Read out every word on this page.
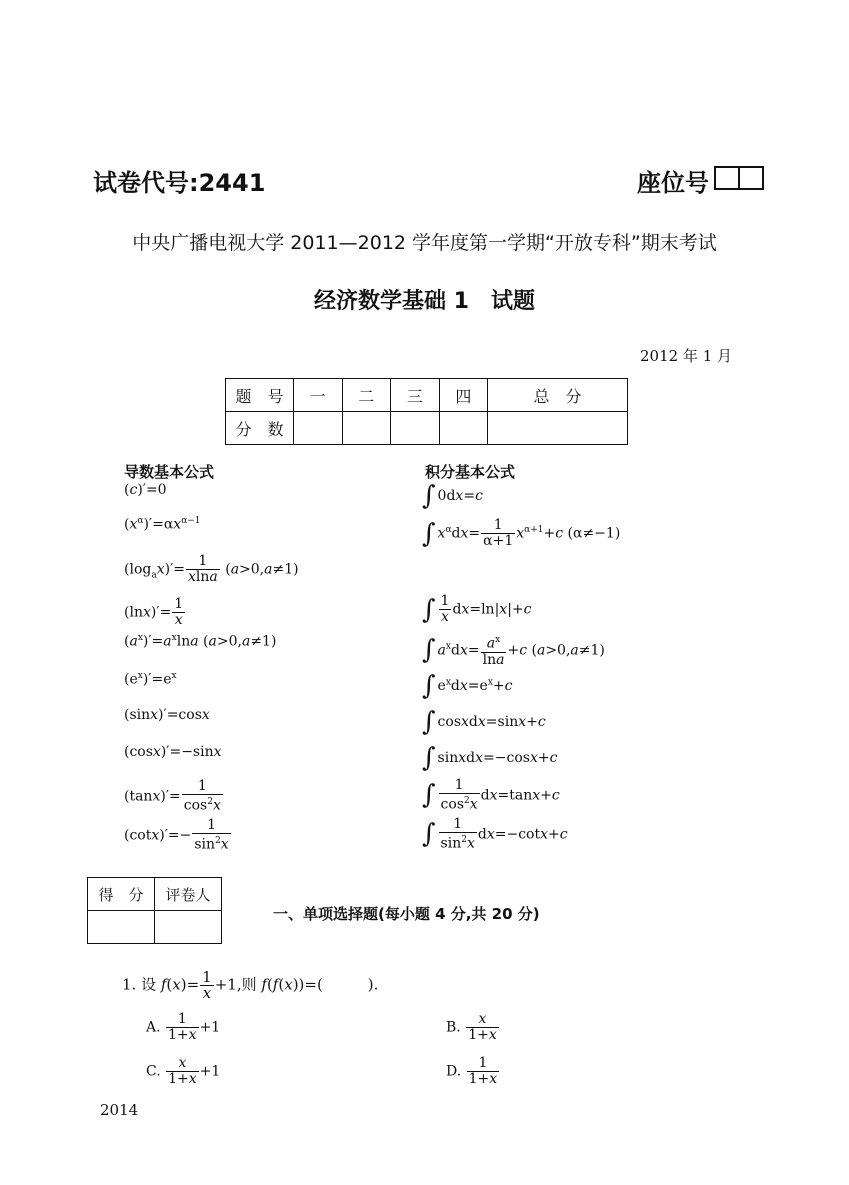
试卷代号:2441	座位号
中央广播电视大学 2011—2012 学年度第一学期“开放专科”期末考试
经济数学基础 1　试题
2012 年 1 月
题　号	一	二	三	四	总　分
分　数					
导数基本公式
(c)′=0
$(x^\alpha)'=\alpha x^{\alpha-1}$
$(\log_ax)'= \frac{1}{xlna} (a>0,a\ne 1)$
$(\ln x)'= \frac{1}{x}$
$(a^x)'=a^x\ln a$ (a>0,a≠1)
$(e^x)'=e^x$
(sinx)′=cosx
(cosx)′=−sinx
$(\tan x)'= \frac{1}{\cos^2x}$
$(\cot x)'=- \frac{1}{\sin^2x}$
积分基本公式
∫ 0dx=c
∫ $x^\alpha dx= \frac{1}{\alpha+1} x^{\alpha+1}+c$ (α≠−1)
∫ $\frac{1}{x} dx=\ln|x|+c$
∫ $a^xdx= \frac{a^x}{\ln a} +c$ (a>0,a≠1)
∫ $e^xdx=e^x+c$
∫ cosxdx=sinx+c
∫ sinxdx=−cosx+c
∫ $\frac{1}{\cos^2x} dx=\tan x+c$
∫ $\frac{1}{\sin^2x} dx=-\cot x+c$
得　分	评卷人

一、单项选择题(每小题 4 分,共 20 分)
1. 设 $f(x)= \frac{1}{x} +1$,则 f(f(x))=(　　　).
A. $\frac{1}{1+x} +1$	B. $\frac{x}{1+x}$
C. $\frac{x}{1+x} +1$	D. $\frac{1}{1+x}$
2014
